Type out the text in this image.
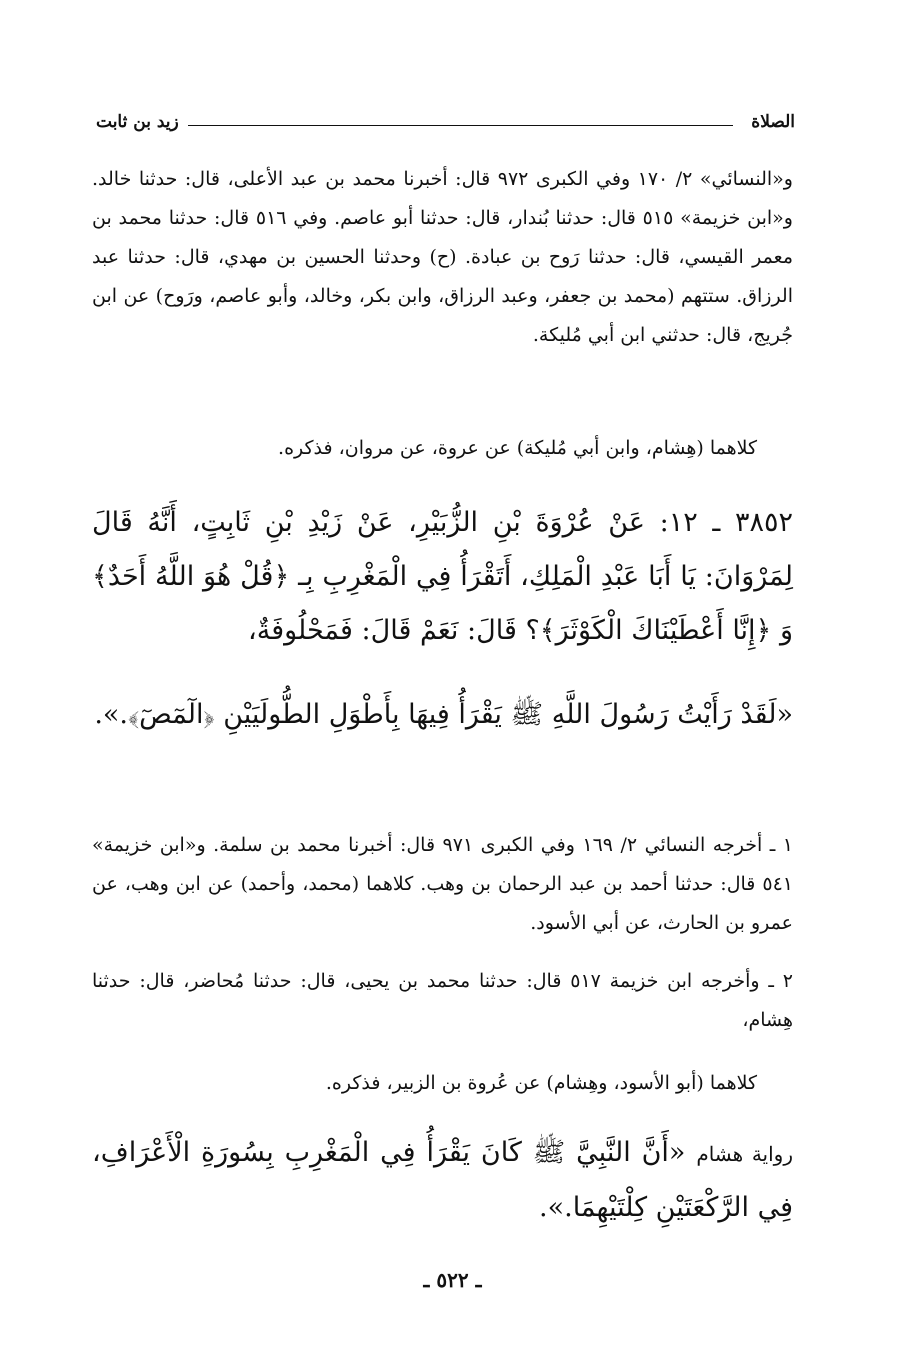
الصلاة
زيد بن ثابت

و«النسائي» ٢/ ١٧٠ وفي الكبرى ٩٧٢ قال: أخبرنا محمد بن عبد الأعلى، قال: حدثنا خالد. و«ابن خزيمة» ٥١٥ قال: حدثنا بُندار، قال: حدثنا أبو عاصم. وفي ٥١٦ قال: حدثنا محمد بن معمر القيسي، قال: حدثنا رَوح بن عبادة. (ح) وحدثنا الحسين بن مهدي، قال: حدثنا عبد الرزاق. ستتهم (محمد بن جعفر، وعبد الرزاق، وابن بكر، وخالد، وأبو عاصم، ورَوح) عن ابن جُريج، قال: حدثني ابن أبي مُليكة.

كلاهما (هِشام، وابن أبي مُليكة) عن عروة، عن مروان، فذكره.

٣٨٥٢ ـ ١٢: عَنْ عُرْوَةَ بْنِ الزُّبَيْرِ، عَنْ زَيْدِ بْنِ ثَابِتٍ، أَنَّهُ قَالَ لِمَرْوَانَ: يَا أَبَا عَبْدِ الْمَلِكِ، أَتَقْرَأُ فِي الْمَغْرِبِ بِـ ﴿قُلْ هُوَ اللَّهُ أَحَدٌ﴾ وَ ﴿إِنَّا أَعْطَيْنَاكَ الْكَوْثَرَ﴾؟ قَالَ: نَعَمْ قَالَ: فَمَحْلُوفَةٌ،

«لَقَدْ رَأَيْتُ رَسُولَ اللَّهِ ﷺ يَقْرَأُ فِيهَا بِأَطْوَلِ الطُّولَيَيْنِ ﴿الٓمٓصٓ﴾.».

١ ـ أخرجه النسائي ٢/ ١٦٩ وفي الكبرى ٩٧١ قال: أخبرنا محمد بن سلمة. و«ابن خزيمة» ٥٤١ قال: حدثنا أحمد بن عبد الرحمان بن وهب. كلاهما (محمد، وأحمد) عن ابن وهب، عن عمرو بن الحارث، عن أبي الأسود.

٢ ـ وأخرجه ابن خزيمة ٥١٧ قال: حدثنا محمد بن يحيى، قال: حدثنا مُحاضر، قال: حدثنا هِشام،

كلاهما (أبو الأسود، وهِشام) عن عُروة بن الزبير، فذكره.

رواية هشام «أَنَّ النَّبِيَّ ﷺ كَانَ يَقْرَأُ فِي الْمَغْرِبِ بِسُورَةِ الْأَعْرَافِ، فِي الرَّكْعَتَيْنِ كِلْتَيْهِمَا.».

ـ ٥٢٢ ـ
